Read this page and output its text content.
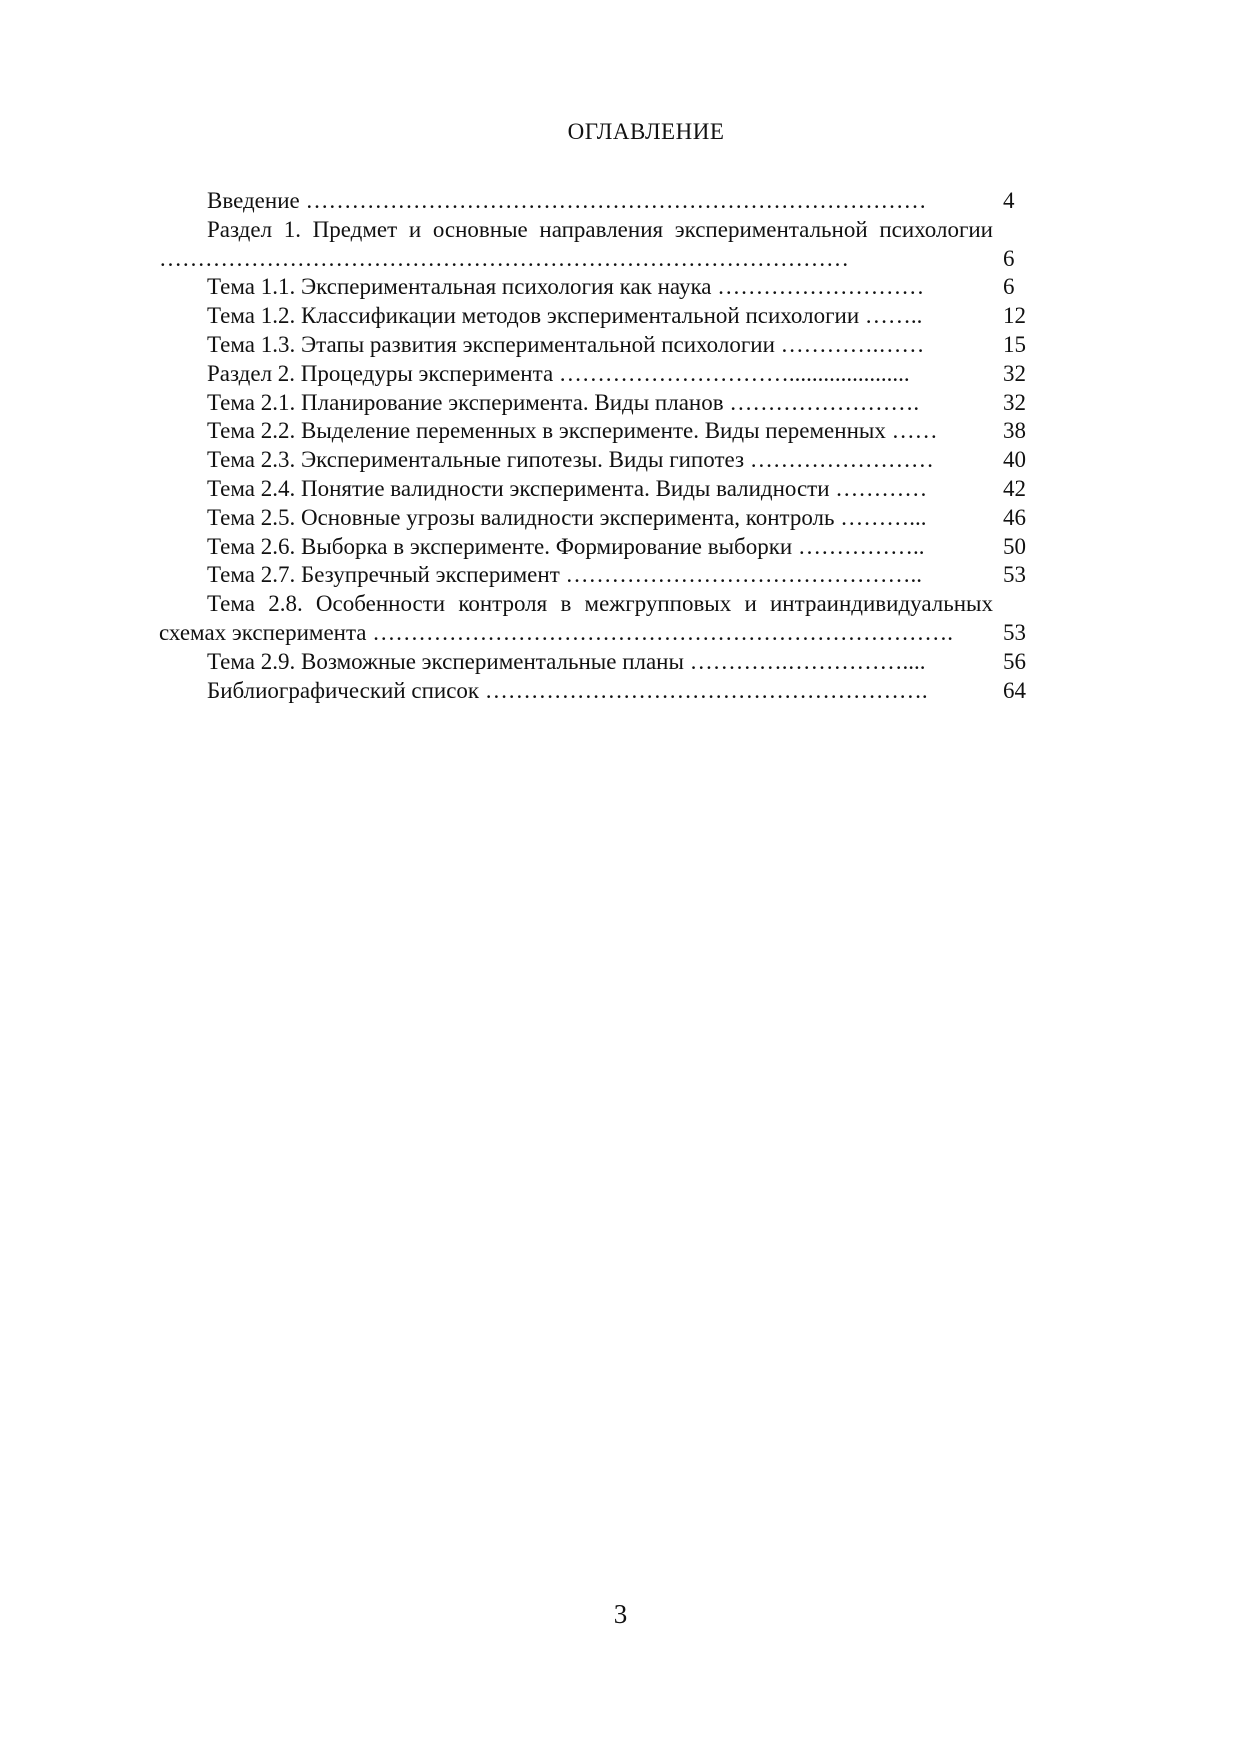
ОГЛАВЛЕНИЕ
Введение ………………………………………………………………………	4
Раздел 1. Предмет и основные направления экспериментальной психологии ………………………………………………………………………………	6
Тема 1.1. Экспериментальная психология как наука ………………………	6
Тема 1.2. Классификации методов экспериментальной психологии ……..	12
Тема 1.3. Этапы развития экспериментальной психологии ………….……	15
Раздел 2. Процедуры эксперимента ………………………….....................	32
Тема 2.1. Планирование эксперимента. Виды планов …………………….	32
Тема 2.2. Выделение переменных в эксперименте. Виды переменных ……	38
Тема 2.3. Экспериментальные гипотезы. Виды гипотез ……………………	40
Тема 2.4. Понятие валидности эксперимента. Виды валидности …………	42
Тема 2.5. Основные угрозы валидности эксперимента, контроль ………...	46
Тема 2.6. Выборка в эксперименте. Формирование выборки ……………..	50
Тема 2.7. Безупречный эксперимент ………………………………………..	53
Тема 2.8. Особенности контроля в межгрупповых и интраиндивидуальных схемах эксперимента ………………………………………………………………….	53
Тема 2.9. Возможные экспериментальные планы ………….……………....	56
Библиографический список ………………………………………………….	64
3
